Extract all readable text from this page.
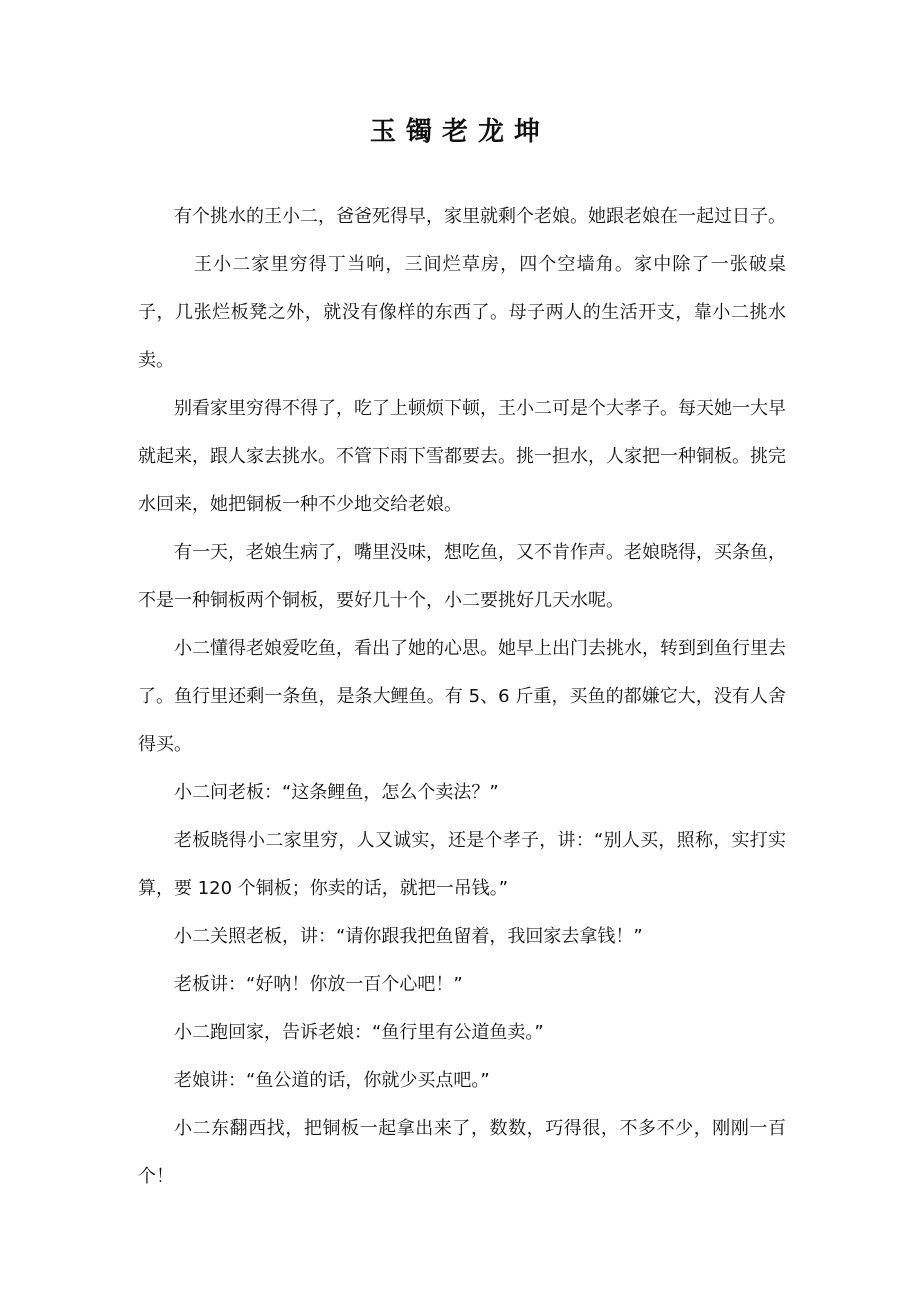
玉镯老龙坤

有个挑水的王小二，爸爸死得早，家里就剩个老娘。她跟老娘在一起过日子。

王小二家里穷得丁当响，三间烂草房，四个空墙角。家中除了一张破桌子，几张烂板凳之外，就没有像样的东西了。母子两人的生活开支，靠小二挑水卖。

别看家里穷得不得了，吃了上顿烦下顿，王小二可是个大孝子。每天她一大早就起来，跟人家去挑水。不管下雨下雪都要去。挑一担水，人家把一种铜板。挑完水回来，她把铜板一种不少地交给老娘。

有一天，老娘生病了，嘴里没味，想吃鱼，又不肯作声。老娘晓得，买条鱼，不是一种铜板两个铜板，要好几十个，小二要挑好几天水呢。

小二懂得老娘爱吃鱼，看出了她的心思。她早上出门去挑水，转到到鱼行里去了。鱼行里还剩一条鱼，是条大鲤鱼。有 5、6 斤重，买鱼的都嫌它大，没有人舍得买。

小二问老板：“这条鲤鱼，怎么个卖法？”

老板晓得小二家里穷，人又诚实，还是个孝子，讲：“别人买，照称，实打实算，要 120 个铜板；你卖的话，就把一吊钱。”

小二关照老板，讲：“请你跟我把鱼留着，我回家去拿钱！”

老板讲：“好呐！你放一百个心吧！”

小二跑回家，告诉老娘：“鱼行里有公道鱼卖。”

老娘讲：“鱼公道的话，你就少买点吧。”

小二东翻西找，把铜板一起拿出来了，数数，巧得很，不多不少，刚刚一百个！
